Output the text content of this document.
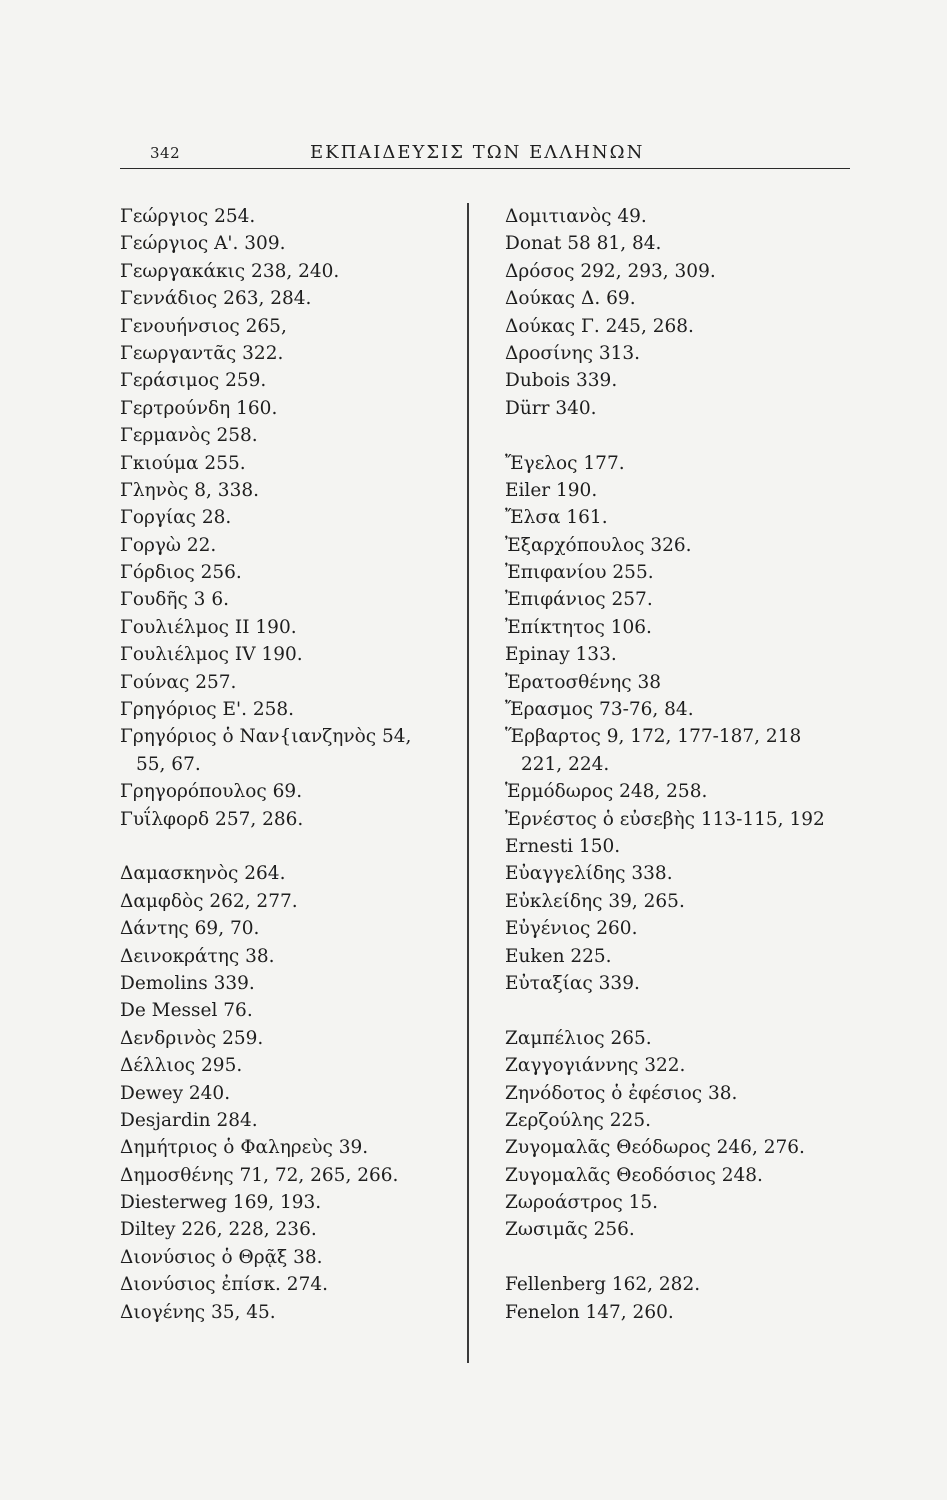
342	ΕΚΠΑΙΔΕΥΣΙΣ ΤΩΝ ΕΛΛΗΝΩΝ
Γεώργιος 254.
Γεώργιος Α'. 309.
Γεωργακάκις 238, 240.
Γεννάδιος 263, 284.
Γενουήνσιος 265,
Γεωργαντᾶς 322.
Γεράσιμος 259.
Γερτρούνδη 160.
Γερμανὸς 258.
Γκιούμα 255.
Γληνὸς 8, 338.
Γοργίας 28.
Γοργὼ 22.
Γόρδιος 256.
Γουδῆς 3 6.
Γουλιέλμος ΙΙ 190.
Γουλιέλμος ΙV 190.
Γούνας 257.
Γρηγόριος Ε'. 258.
Γρηγόριος ὁ Ναν{ιανζηνὸς 54,
55, 67.
Γρηγορόπουλος 69.
Γυΐλφορδ 257, 286.
Δαμασκηνὸς 264.
Δαμφδὸς 262, 277.
Δάντης 69, 70.
Δεινοκράτης 38.
Demolins 339.
De Messel 76.
Δενδρινὸς 259.
Δέλλιος 295.
Dewey 240.
Desjardin 284.
Δημήτριος ὁ Φαληρεὺς 39.
Δημοσθένης 71, 72, 265, 266.
Diesterweg 169, 193.
Diltey 226, 228, 236.
Διονύσιος ὁ Θρᾷξ 38.
Διονύσιος ἐπίσκ. 274.
Διογένης 35, 45.
Δομιτιανὸς 49.
Donat 58 81, 84.
Δρόσος 292, 293, 309.
Δούκας Δ. 69.
Δούκας Γ. 245, 268.
Δροσίνης 313.
Dubois 339.
Dürr 340.
Ἔγελος 177.
Eiler 190.
Ἔλσα 161.
Ἐξαρχόπουλος 326.
Ἐπιφανίου 255.
Ἐπιφάνιος 257.
Ἐπίκτητος 106.
Epinay 133.
Ἐρατοσθένης 38
Ἔρασμος 73-76, 84.
Ἕρβαρτος 9, 172, 177-187, 218
221, 224.
Ἑρμόδωρος 248, 258.
Ἐρνέστος ὁ εὐσεβὴς 113-115, 192
Ernesti 150.
Εὐαγγελίδης 338.
Εὐκλείδης 39, 265.
Εὐγένιος 260.
Euken 225.
Εὐταξίας 339.
Ζαμπέλιος 265.
Ζαγγογιάννης 322.
Ζηνόδοτος ὁ ἐφέσιος 38.
Ζερζούλης 225.
Ζυγομαλᾶς Θεόδωρος 246, 276.
Ζυγομαλᾶς Θεοδόσιος 248.
Ζωροάστρος 15.
Ζωσιμᾶς 256.
Fellenberg 162, 282.
Fenelon 147, 260.
